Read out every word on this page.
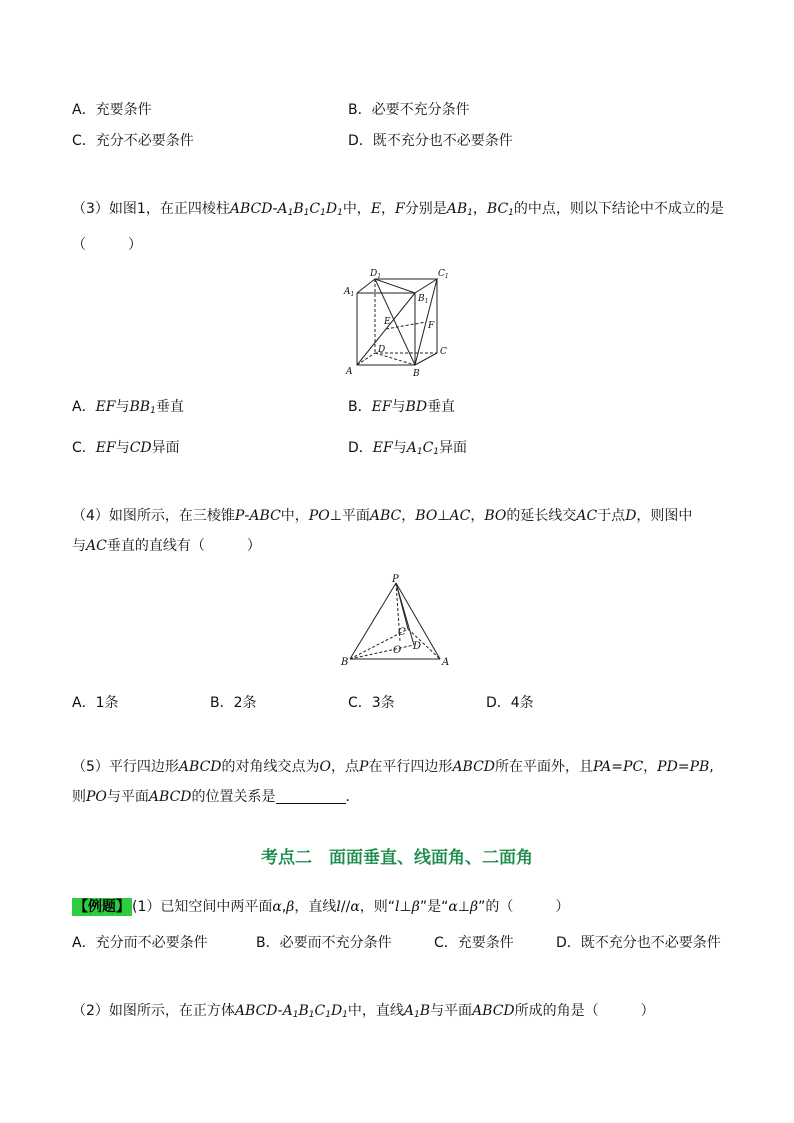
A．充要条件	B．必要不充分条件
C．充分不必要条件	D．既不充分也不必要条件
（3）如图1，在正四棱柱ABCD-$A_1B_1C_1D_1$中，E，F分别是$AB_1$，$BC_1$的中点，则以下结论中不成立的是
（　　　）
$D_1$	$C_1$
$A_1$	$B_1$
E	F
D	C
A	B
A．EF与$BB_1$垂直	B．EF与BD垂直
C．EF与CD异面	D．EF与$A_1C_1$异面
（4）如图所示，在三棱锥P-ABC中，PO⊥平面ABC，BO⊥AC，BO的延长线交AC于点D，则图中
与AC垂直的直线有（　　　）
P
C
O D
B	A
A．1条	B．2条	C．3条	D．4条
（5）平行四边形ABCD的对角线交点为O，点P在平行四边形ABCD所在平面外，且PA=PC，PD=PB,
则PO与平面ABCD的位置关系是	．
考点二　面面垂直、线面角、二面角
【例题】 (1）已知空间中两平面α,β，直线l//α，则“l⊥β”是“α⊥β”的（　　　）
A．充分而不必要条件	B．必要而不充分条件	C．充要条件	D．既不充分也不必要条件
（2）如图所示，在正方体ABCD-$A_1B_1C_1D_1$中，直线$A_1B$与平面ABCD所成的角是（　　　）
